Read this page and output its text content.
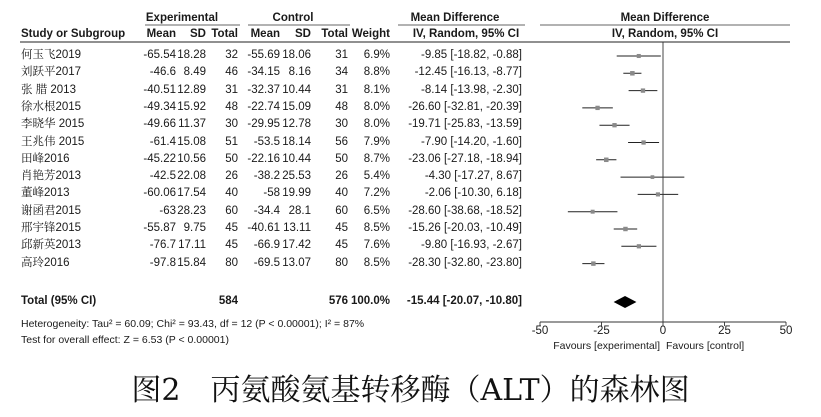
Experimental	Control	Mean Difference	Mean Difference
Study or Subgroup Mean SD Total Mean SD Total Weight	IV, Random, 95% CI	IV, Random, 95% CI
何玉飞2019	-65.54 18.28 32 -55.69 18.06 31 6.9%	-9.85 [-18.82, -0.88]
刘跃平2017	-46.6 8.49 46 -34.15 8.16 34 8.8% -12.45 [-16.13, -8.77]
张 腊 2013	-40.51 12.89 31 -32.37 10.44 31 8.1%	-8.14 [-13.98, -2.30]
徐水根2015	-49.34 15.92 48 -22.74 15.09 48 8.0% -26.60 [-32.81, -20.39]
李晓华 2015	-49.66 11.37 30 -29.95 12.78 30 8.0% -19.71 [-25.83, -13.59]
王兆伟 2015	-61.4 15.08 51 -53.5 18.14 56 7.9%	-7.90 [-14.20, -1.60]
田峰2016	-45.22 10.56 50 -22.16 10.44 50 8.7% -23.06 [-27.18, -18.94]
肖艳芳2013	-42.5 22.08 26 -38.2 25.53 26 5.4%	-4.30 [-17.27, 8.67]
董峰2013	-60.06 17.54 40 -58 19.99 40 7.2%	-2.06 [-10.30, 6.18]
谢函君2015	-63 28.23 60 -34.4 28.1 60 6.5% -28.60 [-38.68, -18.52]
邢宇锋2015	-55.87 9.75 45 -40.61 13.11 45 8.5% -15.26 [-20.03, -10.49]
邱新英2013	-76.7 17.11 45 -66.9 17.42 45 7.6%	-9.80 [-16.93, -2.67]
高玲2016	-97.8 15.84 80 -69.5 13.07 80 8.5% -28.30 [-32.80, -23.80]
Total (95% CI)	584	576 100.0% -15.44 [-20.07, -10.80]
Heterogeneity: Tau² = 60.09; Chi² = 93.43, df = 12 (P < 0.00001); I² = 87%
Test for overall effect: Z = 6.53 (P < 0.00001)
-50	-25	0	25	50
Favours [experimental] Favours [control]
图2　丙氨酸氨基转移酶（ALT）的森林图
